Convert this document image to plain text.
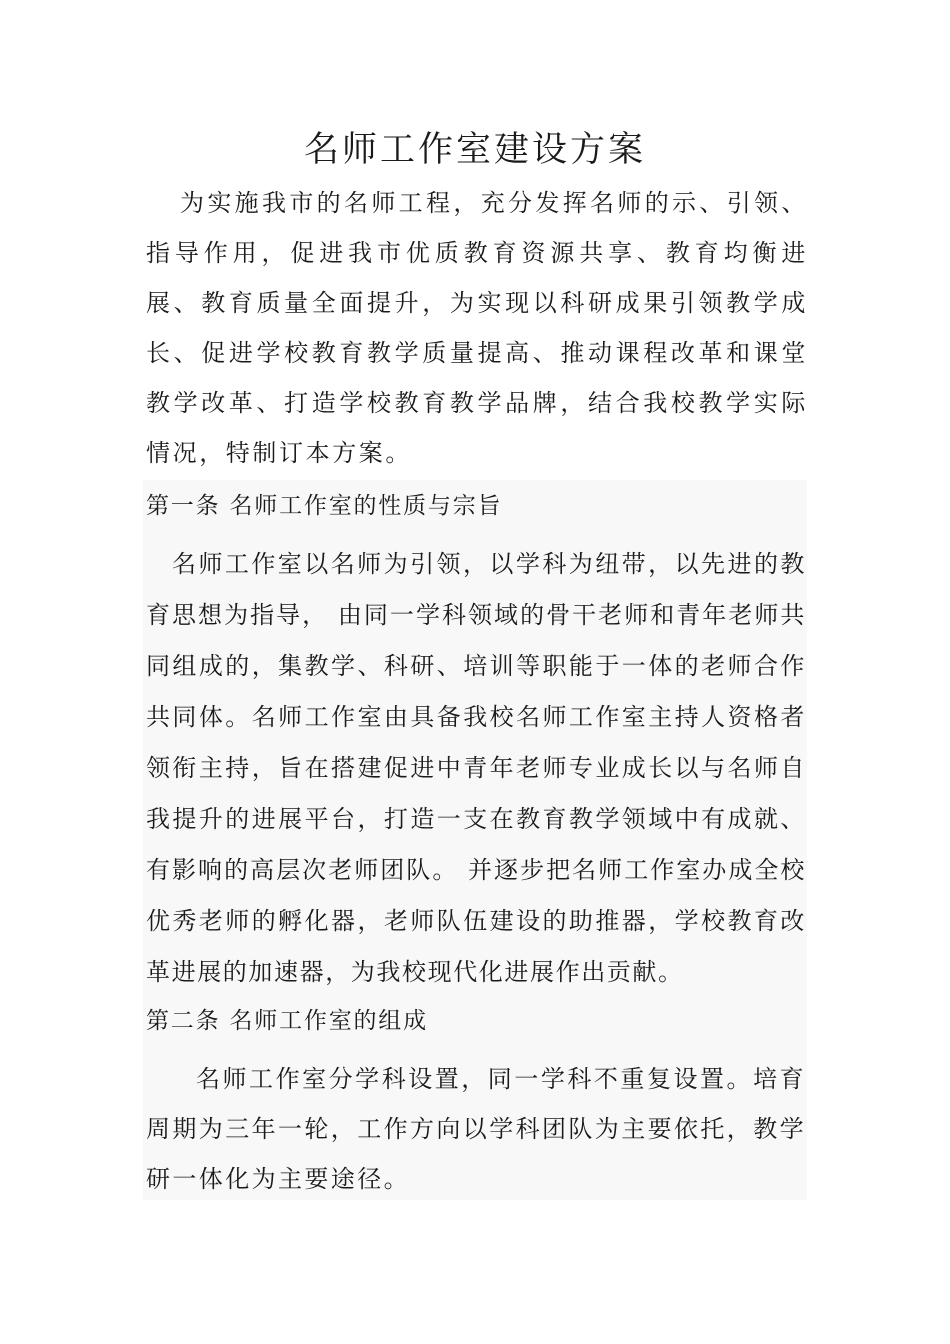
名师工作室建设方案

为实施我市的名师工程，充分发挥名师的示、引领、指导作用，促进我市优质教育资源共享、教育均衡进展、教育质量全面提升，为实现以科研成果引领教学成长、促进学校教育教学质量提高、推动课程改革和课堂教学改革、打造学校教育教学品牌，结合我校教学实际情况，特制订本方案。

第一条 名师工作室的性质与宗旨

名师工作室以名师为引领，以学科为纽带，以先进的教育思想为指导， 由同一学科领域的骨干老师和青年老师共同组成的，集教学、科研、培训等职能于一体的老师合作共同体。名师工作室由具备我校名师工作室主持人资格者领衔主持，旨在搭建促进中青年老师专业成长以与名师自我提升的进展平台，打造一支在教育教学领域中有成就、有影响的高层次老师团队。 并逐步把名师工作室办成全校优秀老师的孵化器，老师队伍建设的助推器，学校教育改革进展的加速器，为我校现代化进展作出贡献。

第二条 名师工作室的组成

名师工作室分学科设置，同一学科不重复设置。培育周期为三年一轮，工作方向以学科团队为主要依托，教学研一体化为主要途径。
